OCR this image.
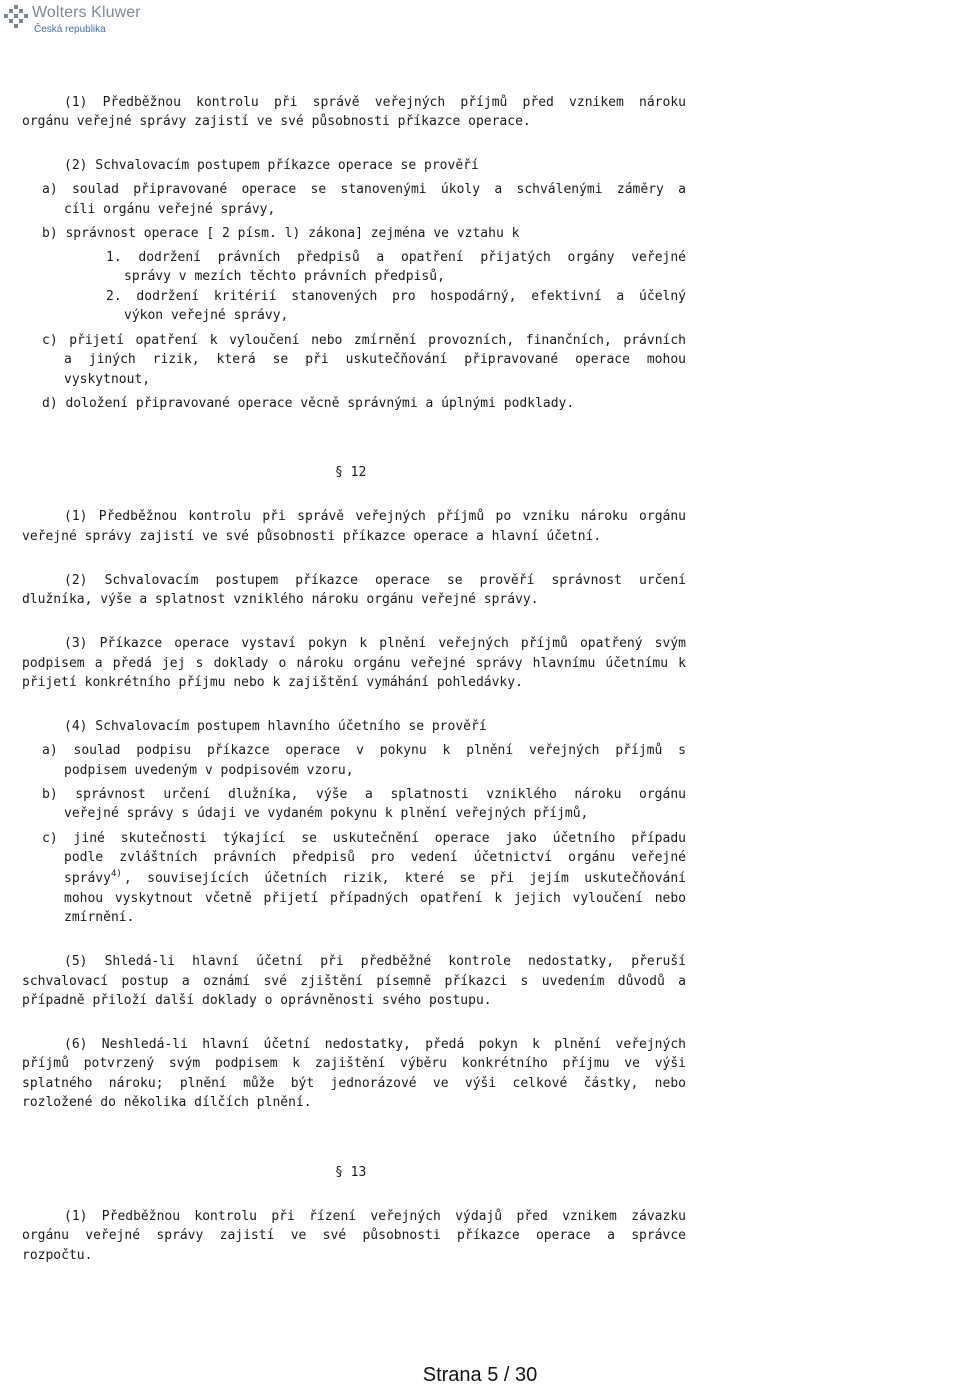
Wolters Kluwer
Česká republika

(1) Předběžnou kontrolu při správě veřejných příjmů před vznikem nároku

orgánu veřejné správy zajistí ve své působnosti příkazce operace.

(2) Schvalovacím postupem příkazce operace se prověří

a) soulad připravované operace se stanovenými úkoly a schválenými záměry a

cíli orgánu veřejné správy,

b) správnost operace [ 2 písm. l) zákona] zejména ve vztahu k

1. dodržení právních předpisů a opatření přijatých orgány veřejné

správy v mezích těchto právních předpisů,

2. dodržení kritérií stanovených pro hospodárný, efektivní a účelný

výkon veřejné správy,

c) přijetí opatření k vyloučení nebo zmírnění provozních, finančních, právních

a jiných rizik, která se při uskutečňování připravované operace mohou

vyskytnout,

d) doložení připravované operace věcně správnými a úplnými podklady.

§ 12

(1) Předběžnou kontrolu při správě veřejných příjmů po vzniku nároku orgánu

veřejné správy zajistí ve své působnosti příkazce operace a hlavní účetní.

(2) Schvalovacím postupem příkazce operace se prověří správnost určení

dlužníka, výše a splatnost vzniklého nároku orgánu veřejné správy.

(3) Příkazce operace vystaví pokyn k plnění veřejných příjmů opatřený svým

podpisem a předá jej s doklady o nároku orgánu veřejné správy hlavnímu účetnímu k

přijetí konkrétního příjmu nebo k zajištění vymáhání pohledávky.

(4) Schvalovacím postupem hlavního účetního se prověří

a) soulad podpisu příkazce operace v pokynu k plnění veřejných příjmů s

podpisem uvedeným v podpisovém vzoru,

b) správnost určení dlužníka, výše a splatnosti vzniklého nároku orgánu

veřejné správy s údaji ve vydaném pokynu k plnění veřejných příjmů,

c) jiné skutečnosti týkající se uskutečnění operace jako účetního případu

podle zvláštních právních předpisů pro vedení účetnictví orgánu veřejné

správy$^{4)}$ , souvisejících účetních rizik, které se při jejím uskutečňování

mohou vyskytnout včetně přijetí případných opatření k jejich vyloučení nebo

zmírnění.

(5) Shledá-li hlavní účetní při předběžné kontrole nedostatky, přeruší

schvalovací postup a oznámí své zjištění písemně příkazci s uvedením důvodů a

případně přiloží další doklady o oprávněnosti svého postupu.

(6) Neshledá-li hlavní účetní nedostatky, předá pokyn k plnění veřejných

příjmů potvrzený svým podpisem k zajištění výběru konkrétního příjmu ve výši

splatného nároku; plnění může být jednorázové ve výši celkové částky, nebo

rozložené do několika dílčích plnění.

§ 13

(1) Předběžnou kontrolu při řízení veřejných výdajů před vznikem závazku

orgánu veřejné správy zajistí ve své působnosti příkazce operace a správce

rozpočtu.

Strana 5 / 30
